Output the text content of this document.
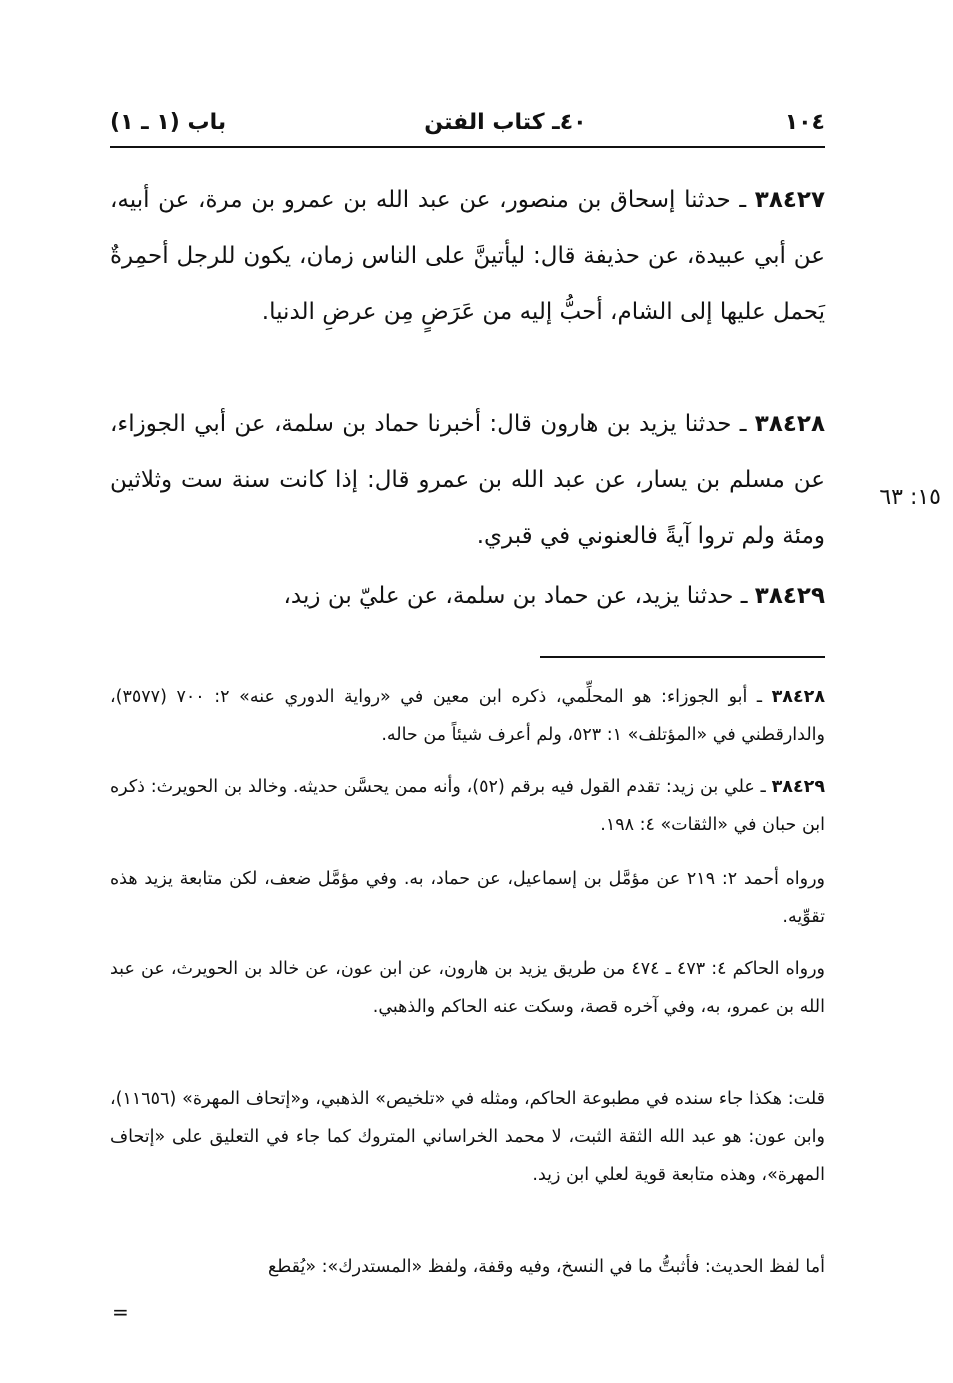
١٠٤
٤٠ـ كتاب الفتن
باب (١ ـ ١)

٣٨٤٢٧ ـ حدثنا إسحاق بن منصور، عن عبد الله بن عمرو بن مرة، عن أبيه، عن أبي عبيدة، عن حذيفة قال: ليأتينَّ على الناس زمان، يكون للرجل أحمِرةٌ يَحمل عليها إلى الشام، أحبُّ إليه من عَرَضٍ مِن عرضِ الدنيا.

٣٨٤٢٨ ـ حدثنا يزيد بن هارون قال: أخبرنا حماد بن سلمة، عن أبي الجوزاء، عن مسلم بن يسار، عن عبد الله بن عمرو قال: إذا كانت سنة ست وثلاثين ومئة ولم تروا آيةً فالعنوني في قبري.

١٥: ٦٣

٣٨٤٢٩ ـ حدثنا يزيد، عن حماد بن سلمة، عن عليّ بن زيد،

٣٨٤٢٨ ـ أبو الجوزاء: هو المحلِّمي، ذكره ابن معين في «رواية الدوري عنه» ٢: ٧٠٠ (٣٥٧٧)، والدارقطني في «المؤتلف» ١: ٥٢٣، ولم أعرف شيئاً من حاله.

٣٨٤٢٩ ـ علي بن زيد: تقدم القول فيه برقم (٥٢)، وأنه ممن يحسَّن حديثه. وخالد بن الحويرث: ذكره ابن حبان في «الثقات» ٤: ١٩٨.

ورواه أحمد ٢: ٢١٩ عن مؤمَّل بن إسماعيل، عن حماد، به. وفي مؤمَّل ضعف، لكن متابعة يزيد هذه تقوِّيه.

ورواه الحاكم ٤: ٤٧٣ ـ ٤٧٤ من طريق يزيد بن هارون، عن ابن عون، عن خالد بن الحويرث، عن عبد الله بن عمرو، به، وفي آخره قصة، وسكت عنه الحاكم والذهبي.

قلت: هكذا جاء سنده في مطبوعة الحاكم، ومثله في «تلخيص» الذهبي، و«إتحاف المهرة» (١١٦٥٦)، وابن عون: هو عبد الله الثقة الثبت، لا محمد الخراساني المتروك كما جاء في التعليق على «إتحاف المهرة»، وهذه متابعة قوية لعلي ابن زيد.

أما لفظ الحديث: فأثبتُّ ما في النسخ، وفيه وقفة، ولفظ «المستدرك»: «يُقطع

=
